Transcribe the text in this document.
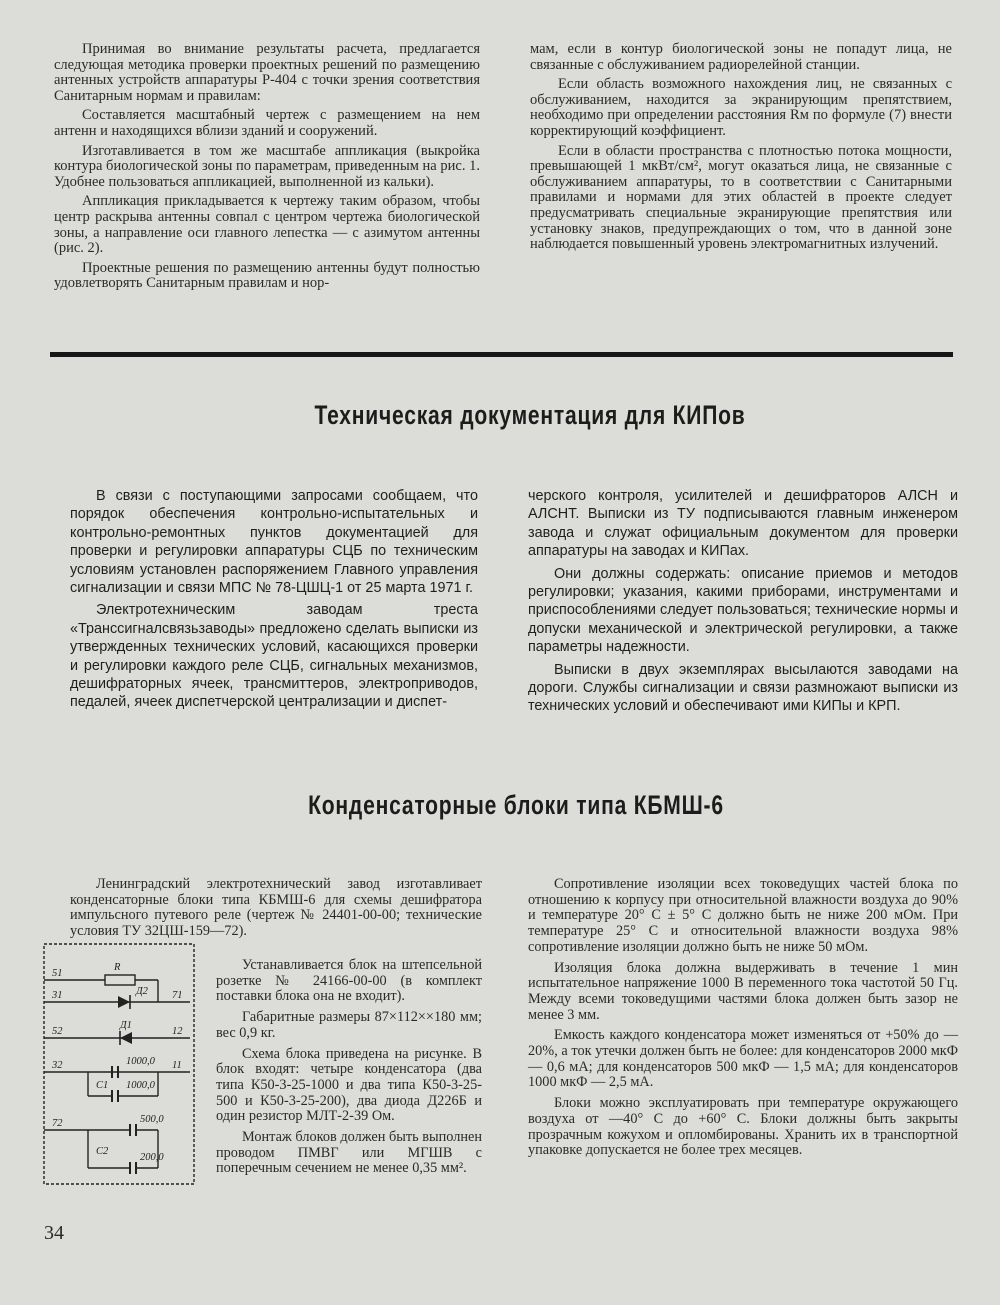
Принимая во внимание результаты расчета, предлагается следующая методика проверки проектных решений по размещению антенных устройств аппаратуры Р-404 с точки зрения соответствия Санитарным нормам и правилам:

Составляется масштабный чертеж с размещением на нем антенн и находящихся вблизи зданий и сооружений.

Изготавливается в том же масштабе аппликация (выкройка контура биологической зоны по параметрам, приведенным на рис. 1. Удобнее пользоваться аппликацией, выполненной из кальки).

Аппликация прикладывается к чертежу таким образом, чтобы центр раскрыва антенны совпал с центром чертежа биологической зоны, а направление оси главного лепестка — с азимутом антенны (рис. 2).

Проектные решения по размещению антенны будут полностью удовлетворять Санитарным правилам и нор-

мам, если в контур биологической зоны не попадут лица, не связанные с обслуживанием радиорелейной станции.

Если область возможного нахождения лиц, не связанных с обслуживанием, находится за экранирующим препятствием, необходимо при определении расстояния Rм по формуле (7) внести корректирующий коэффициент.

Если в области пространства с плотностью потока мощности, превышающей 1 мкВт/см², могут оказаться лица, не связанные с обслуживанием аппаратуры, то в соответствии с Санитарными правилами и нормами для этих областей в проекте следует предусматривать специальные экранирующие препятствия или установку знаков, предупреждающих о том, что в данной зоне наблюдается повышенный уровень электромагнитных излучений.

Техническая документация для КИПов

В связи с поступающими запросами сообщаем, что порядок обеспечения контрольно-испытательных и контрольно-ремонтных пунктов документацией для проверки и регулировки аппаратуры СЦБ по техническим условиям установлен распоряжением Главного управления сигнализации и связи МПС № 78-ЦШЦ-1 от 25 марта 1971 г.

Электротехническим заводам треста «Транссигналсвязьзаводы» предложено сделать выписки из утвержденных технических условий, касающихся проверки и регулировки каждого реле СЦБ, сигнальных механизмов, дешифраторных ячеек, трансмиттеров, электроприводов, педалей, ячеек диспетчерской централизации и диспет-

черского контроля, усилителей и дешифраторов АЛСН и АЛСНТ. Выписки из ТУ подписываются главным инженером завода и служат официальным документом для проверки аппаратуры на заводах и КИПах.

Они должны содержать: описание приемов и методов регулировки; указания, какими приборами, инструментами и приспособлениями следует пользоваться; технические нормы и допуски механической и электрической регулировки, а также параметры надежности.

Выписки в двух экземплярах высылаются заводами на дороги. Службы сигнализации и связи размножают выписки из технических условий и обеспечивают ими КИПы и КРП.

Конденсаторные блоки типа КБМШ-6

Ленинградский электротехнический завод изготавливает конденсаторные блоки типа КБМШ-6 для схемы дешифратора импульсного путевого реле (чертеж № 24401-00-00; технические условия ТУ 32ЦШ-159—72).

Устанавливается блок на штепсельной розетке № 24166-00-00 (в комплект поставки блока она не входит).

Габаритные размеры 87×112××180 мм; вес 0,9 кг.

Схема блока приведена на рисунке. В блок входят: четыре конденсатора (два типа К50-3-25-1000 и два типа К50-3-25-500 и К50-3-25-200), два диода Д226Б и один резистор МЛТ-2-39 Ом.

Монтаж блоков должен быть выполнен проводом ПМВГ или МГШВ с поперечным сечением не менее 0,35 мм².

Сопротивление изоляции всех токоведущих частей блока по отношению к корпусу при относительной влажности воздуха до 90% и температуре 20° C ± 5° C должно быть не ниже 200 мОм. При температуре 25° C и относительной влажности воздуха 98% сопротивление изоляции должно быть не ниже 50 мОм.

Изоляция блока должна выдерживать в течение 1 мин испытательное напряжение 1000 В переменного тока частотой 50 Гц. Между всеми токоведущими частями блока должен быть зазор не менее 3 мм.

Емкость каждого конденсатора может изменяться от +50% до —20%, а ток утечки должен быть не более: для конденсаторов 2000 мкФ — 0,6 мА; для конденсаторов 500 мкФ — 1,5 мА; для конденсаторов 1000 мкФ — 2,5 мА.

Блоки можно эксплуатировать при температуре окружающего воздуха от —40° C до +60° C. Блоки должны быть закрыты прозрачным кожухом и опломбированы. Хранить их в транспортной упаковке допускается не более трех месяцев.

51
31	71
52	12
32	11
72
R
Д2
Д1
С1
С2
1000,0
1000,0
500,0
200,0
34
